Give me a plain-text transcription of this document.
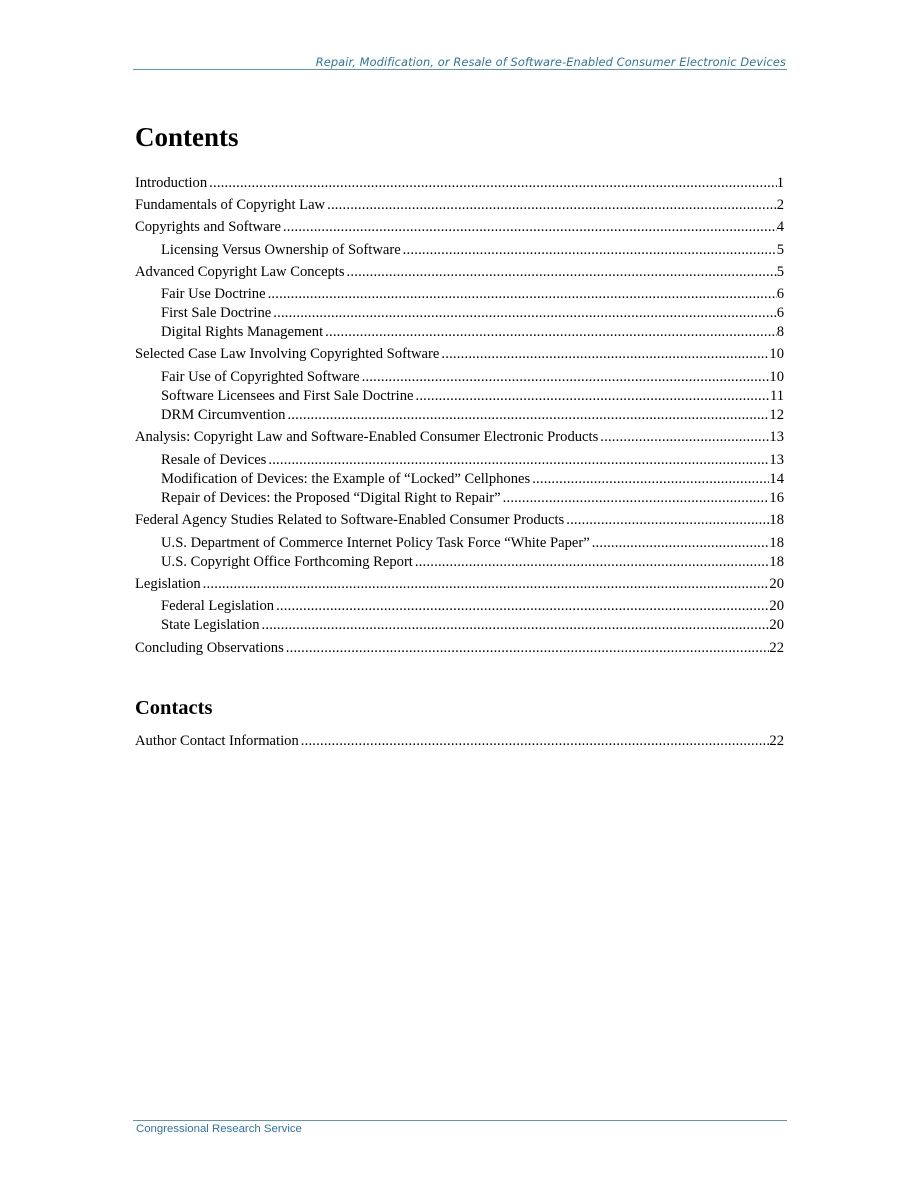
Repair, Modification, or Resale of Software-Enabled Consumer Electronic Devices
Contents
Introduction .....	1
Fundamentals of Copyright Law .....	2
Copyrights and Software .....	4
Licensing Versus Ownership of Software .....	5
Advanced Copyright Law Concepts .....	5
Fair Use Doctrine .....	6
First Sale Doctrine .....	6
Digital Rights Management .....	8
Selected Case Law Involving Copyrighted Software .....	10
Fair Use of Copyrighted Software .....	10
Software Licensees and First Sale Doctrine .....	11
DRM Circumvention .....	12
Analysis: Copyright Law and Software-Enabled Consumer Electronic Products .....	13
Resale of Devices .....	13
Modification of Devices: the Example of “Locked” Cellphones .....	14
Repair of Devices: the Proposed “Digital Right to Repair” .....	16
Federal Agency Studies Related to Software-Enabled Consumer Products .....	18
U.S. Department of Commerce Internet Policy Task Force “White Paper” .....	18
U.S. Copyright Office Forthcoming Report .....	18
Legislation .....	20
Federal Legislation .....	20
State Legislation .....	20
Concluding Observations .....	22
Contacts
Author Contact Information .....	22
Congressional Research Service
